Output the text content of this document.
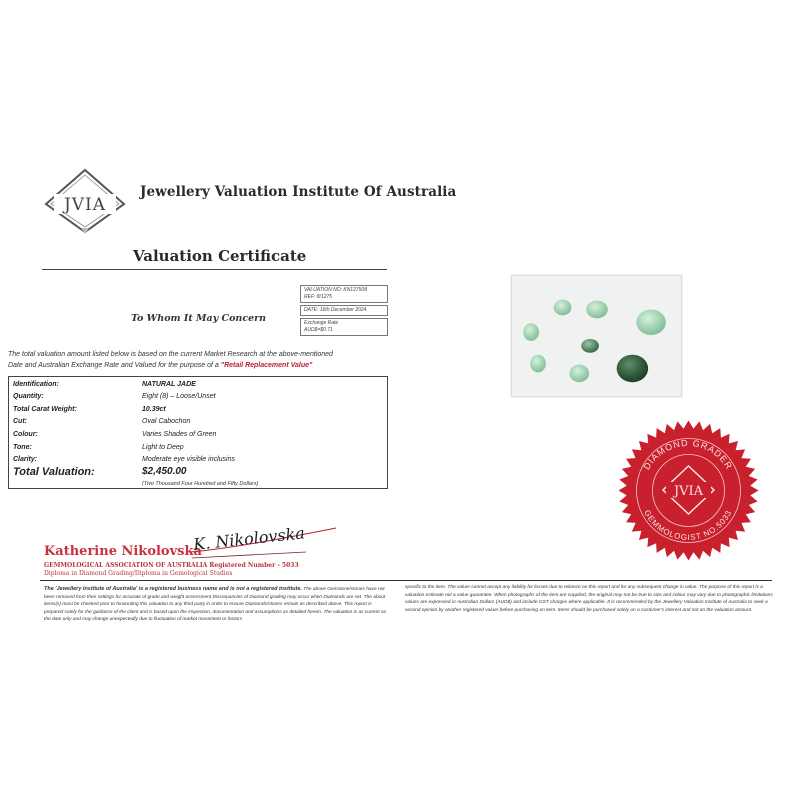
JVIA
Jewellery Valuation Institute Of Australia
Valuation Certificate
To Whom It May Concern
VALUATION NO: KN127508
REF: 8/1275
DATE: 16th December 2024
Exchange Rate
AUD$=$0.71
The total valuation amount listed below is based on the current Market Research at the above-mentioned
Date and Australian Exchange Rate and Valued for the purpose of a "Retail Replacement Value"
Identification:	NATURAL JADE
Quantity:	Eight (8) – Loose/Unset
Total Carat Weight:	10.39ct
Cut:	Oval Cabochon
Colour:	Varies Shades of Green
Tone:	Light to Deep
Clarity:	Moderate eye visible inclusins
Total Valuation:	$2,450.00
(Two Thousand Four Hundred and Fifty Dollars)
DIAMOND GRADER
GEMMOLOGIST NO.5033
JVIA
Katherine Nikolovska
K. Nikolovska
GEMMOLOGICAL ASSOCIATION OF AUSTRALIA Registered Number - 5033
Diploma in Diamond Grading/Diploma in Gemological Studies
The 'Jewellery Institute of Australia' is a registered business name and is not a registered institute. The above Gemstone/stones have not been removed from their settings for accurate of grade and weight assessment Discrepancies of Diamond grading may occur when Diamonds are set. The about items(s) must be checked prior to forwarding this valuation to any third party in order to ensure Diamonds/stones remain as described above. This report is prepared solely for the guidance of the client and is based upon the inspection, documentation and assumptions as detailed herein. The valuation is as current as the date only and may change unexpectedly due to fluctuation of market movement or factors
specific to the item. The valuer cannot accept any liability for losses due to reliance on this report and for any subsequent change in value. The purpose of this report is a valuation estimate not a value guarantee. When photographs of the item are supplied, the original may not be true to size and colour may vary due to photographic limitations values are expressed in Australian Dollars (AUD$) and include GST charges where applicable. It is recommended by the Jewellery Valuation Institute of Australia to seek a second opinion by another registered valuer before purchasing an item. Items should be purchased solely on a customer's interest and not on the valuation amount.
